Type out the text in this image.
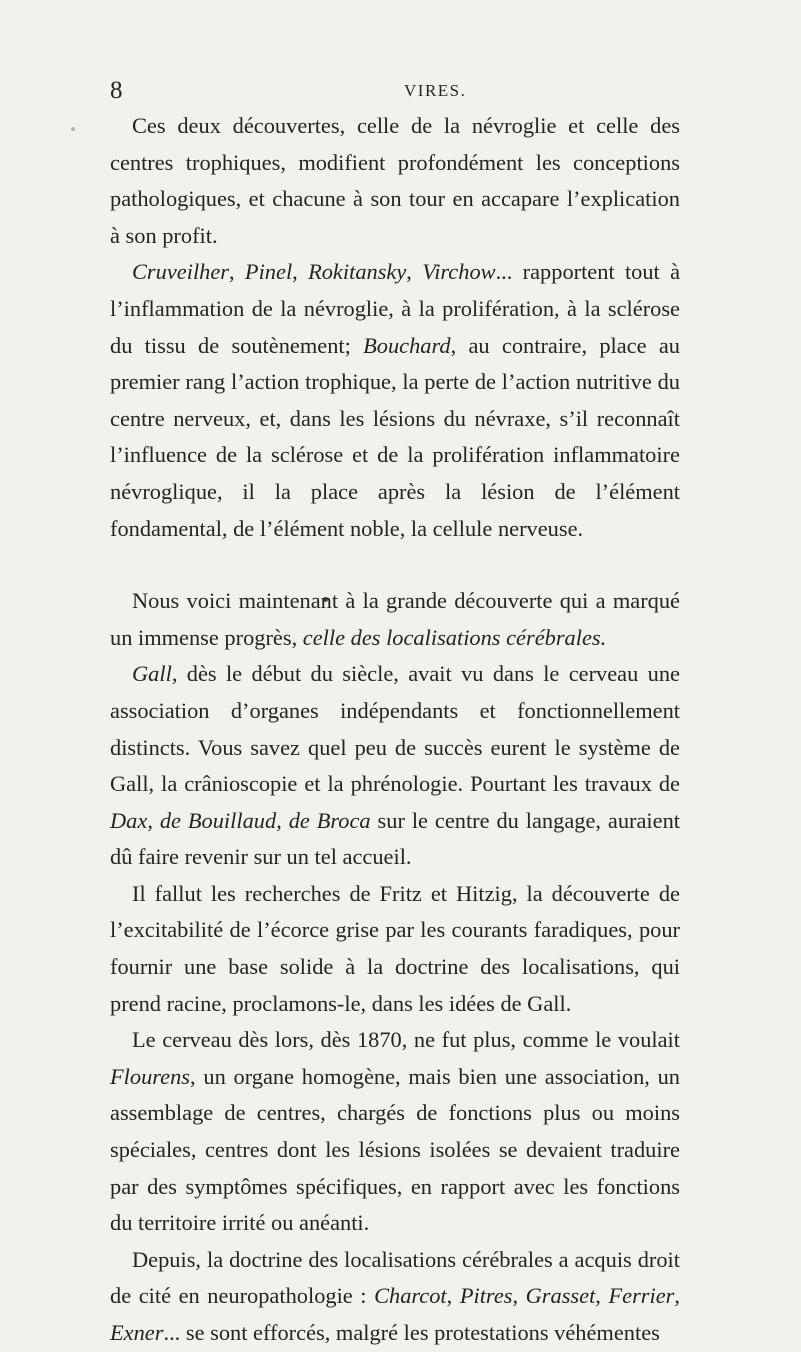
8	VIRES.

Ces deux découvertes, celle de la névroglie et celle des centres trophiques, modifient profondément les conceptions pathologiques, et chacune à son tour en accapare l’explication à son profit.

Cruveilher, Pinel, Rokitansky, Virchow... rapportent tout à l’inflammation de la névroglie, à la prolifération, à la sclérose du tissu de soutènement; Bouchard, au contraire, place au premier rang l’action trophique, la perte de l’action nutritive du centre nerveux, et, dans les lésions du névraxe, s’il reconnaît l’influence de la sclérose et de la prolifération inflammatoire névroglique, il la place après la lésion de l’élément fondamental, de l’élément noble, la cellule nerveuse.

Nous voici maintenant à la grande découverte qui a marqué un immense progrès, celle des localisations cérébrales.

Gall, dès le début du siècle, avait vu dans le cerveau une association d’organes indépendants et fonctionnellement distincts. Vous savez quel peu de succès eurent le système de Gall, la crânioscopie et la phrénologie. Pourtant les travaux de Dax, de Bouillaud, de Broca sur le centre du langage, auraient dû faire revenir sur un tel accueil.

Il fallut les recherches de Fritz et Hitzig, la découverte de l’excitabilité de l’écorce grise par les courants faradiques, pour fournir une base solide à la doctrine des localisations, qui prend racine, proclamons-le, dans les idées de Gall.

Le cerveau dès lors, dès 1870, ne fut plus, comme le voulait Flourens, un organe homogène, mais bien une association, un assemblage de centres, chargés de fonctions plus ou moins spéciales, centres dont les lésions isolées se devaient traduire par des symptômes spécifiques, en rapport avec les fonctions du territoire irrité ou anéanti.

Depuis, la doctrine des localisations cérébrales a acquis droit de cité en neuropathologie : Charcot, Pitres, Grasset, Ferrier, Exner... se sont efforcés, malgré les protestations véhémentes
